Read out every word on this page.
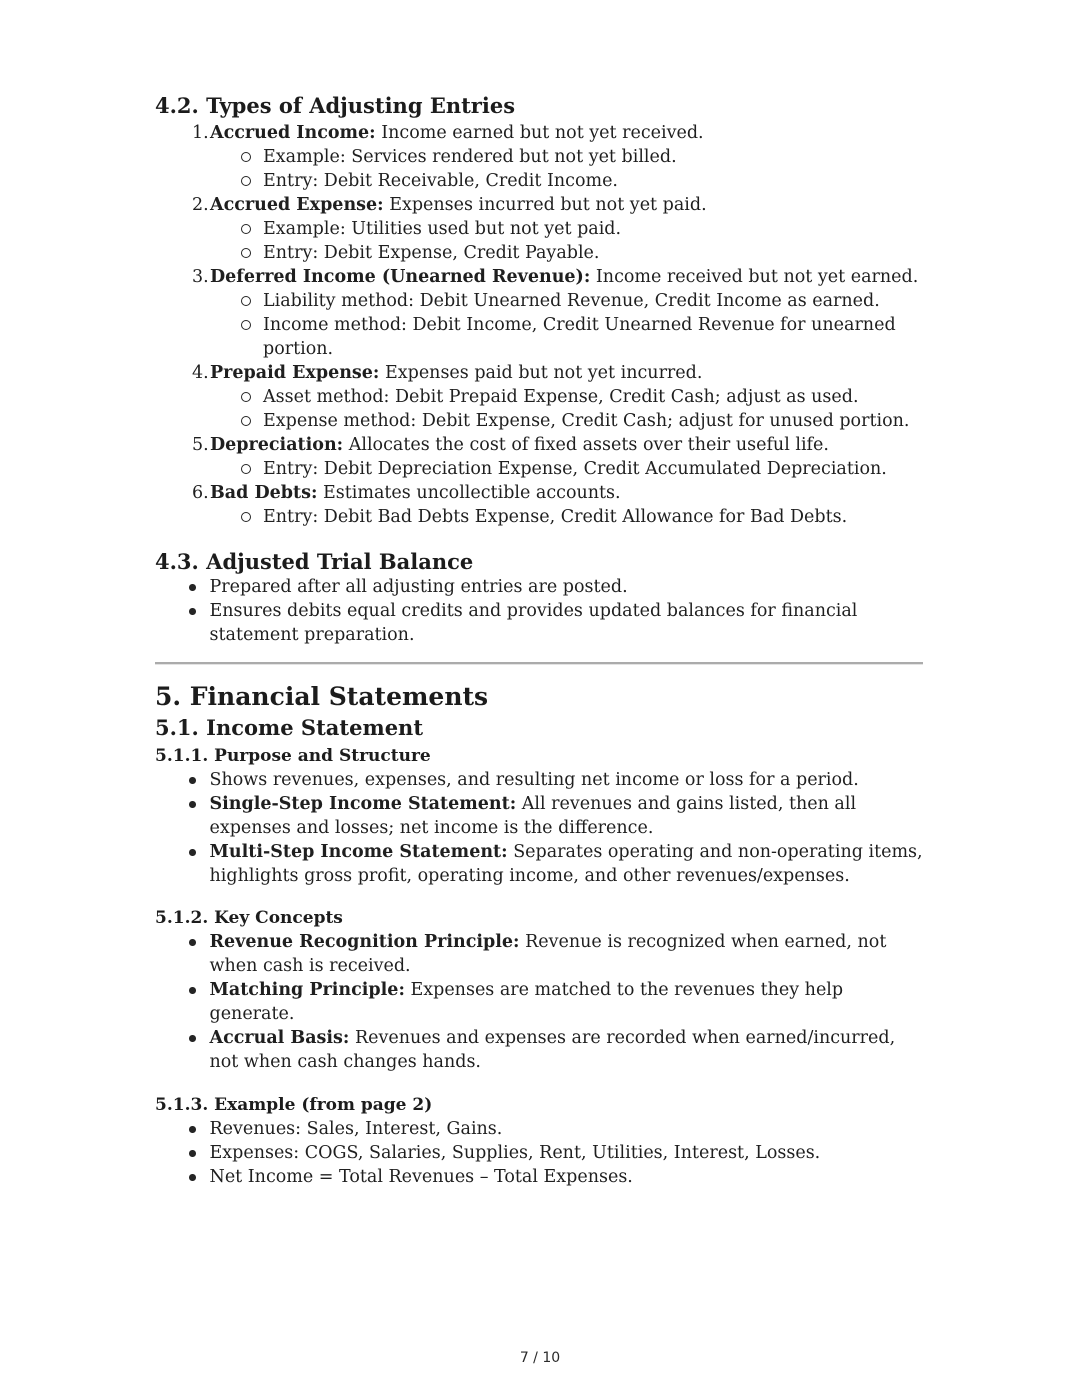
4.2. Types of Adjusting Entries
1. Accrued Income: Income earned but not yet received.
Example: Services rendered but not yet billed.
Entry: Debit Receivable, Credit Income.
2. Accrued Expense: Expenses incurred but not yet paid.
Example: Utilities used but not yet paid.
Entry: Debit Expense, Credit Payable.
3. Deferred Income (Unearned Revenue): Income received but not yet earned.
Liability method: Debit Unearned Revenue, Credit Income as earned.
Income method: Debit Income, Credit Unearned Revenue for unearned portion.
4. Prepaid Expense: Expenses paid but not yet incurred.
Asset method: Debit Prepaid Expense, Credit Cash; adjust as used.
Expense method: Debit Expense, Credit Cash; adjust for unused portion.
5. Depreciation: Allocates the cost of fixed assets over their useful life.
Entry: Debit Depreciation Expense, Credit Accumulated Depreciation.
6. Bad Debts: Estimates uncollectible accounts.
Entry: Debit Bad Debts Expense, Credit Allowance for Bad Debts.
4.3. Adjusted Trial Balance
Prepared after all adjusting entries are posted.
Ensures debits equal credits and provides updated balances for financial statement preparation.
5. Financial Statements
5.1. Income Statement
5.1.1. Purpose and Structure
Shows revenues, expenses, and resulting net income or loss for a period.
Single-Step Income Statement: All revenues and gains listed, then all expenses and losses; net income is the difference.
Multi-Step Income Statement: Separates operating and non-operating items, highlights gross profit, operating income, and other revenues/expenses.
5.1.2. Key Concepts
Revenue Recognition Principle: Revenue is recognized when earned, not when cash is received.
Matching Principle: Expenses are matched to the revenues they help generate.
Accrual Basis: Revenues and expenses are recorded when earned/incurred, not when cash changes hands.
5.1.3. Example (from page 2)
Revenues: Sales, Interest, Gains.
Expenses: COGS, Salaries, Supplies, Rent, Utilities, Interest, Losses.
Net Income = Total Revenues – Total Expenses.
7 / 10
